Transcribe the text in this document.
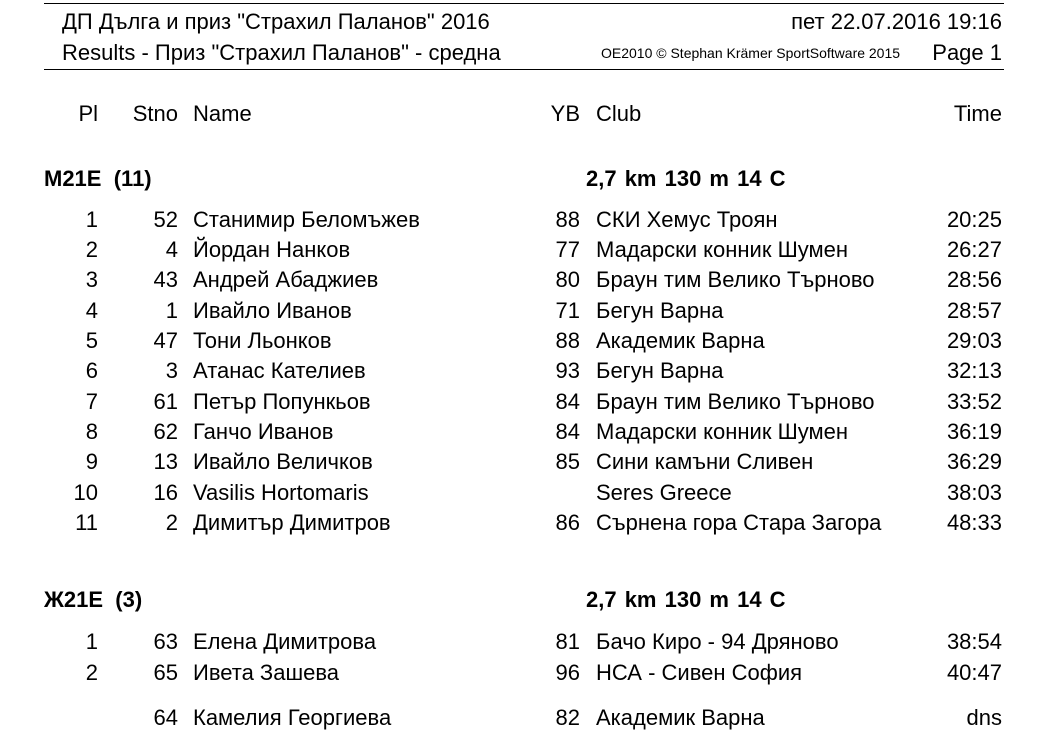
ДП Дълга и приз "Страхил Паланов" 2016	пет 22.07.2016 19:16
Results - Приз "Страхил Паланов" - средна	OE2010 © Stephan Krämer SportSoftware 2015 Page 1
Pl	Stno Name	YB Club	Time
M21E (11)	2,7 km 130 m 14 C
1	52 Станимир Беломъжев	88 СКИ Хемус Троян	20:25
2	4 Йордан Нанков	77 Мадарски конник Шумен	26:27
3	43 Андрей Абаджиев	80 Браун тим Велико Търново	28:56
4	1 Ивайло Иванов	71 Бегун Варна	28:57
5	47 Тони Льонков	88 Академик Варна	29:03
6	3 Атанас Кателиев	93 Бегун Варна	32:13
7	61 Петър Попункьов	84 Браун тим Велико Търново	33:52
8	62 Ганчо Иванов	84 Мадарски конник Шумен	36:19
9	13 Ивайло Величков	85 Сини камъни Сливен	36:29
10	16 Vasilis Hortomaris	Seres Greece	38:03
11	2 Димитър Димитров	86 Сърнена гора Стара Загора	48:33
Ж21Е (3)	2,7 km 130 m 14 C
1	63 Елена Димитрова	81 Бачо Киро - 94 Дряново	38:54
2	65 Ивета Зашева	96 НСА - Сивен София	40:47
64 Камелия Георгиева	82 Академик Варна	dns
